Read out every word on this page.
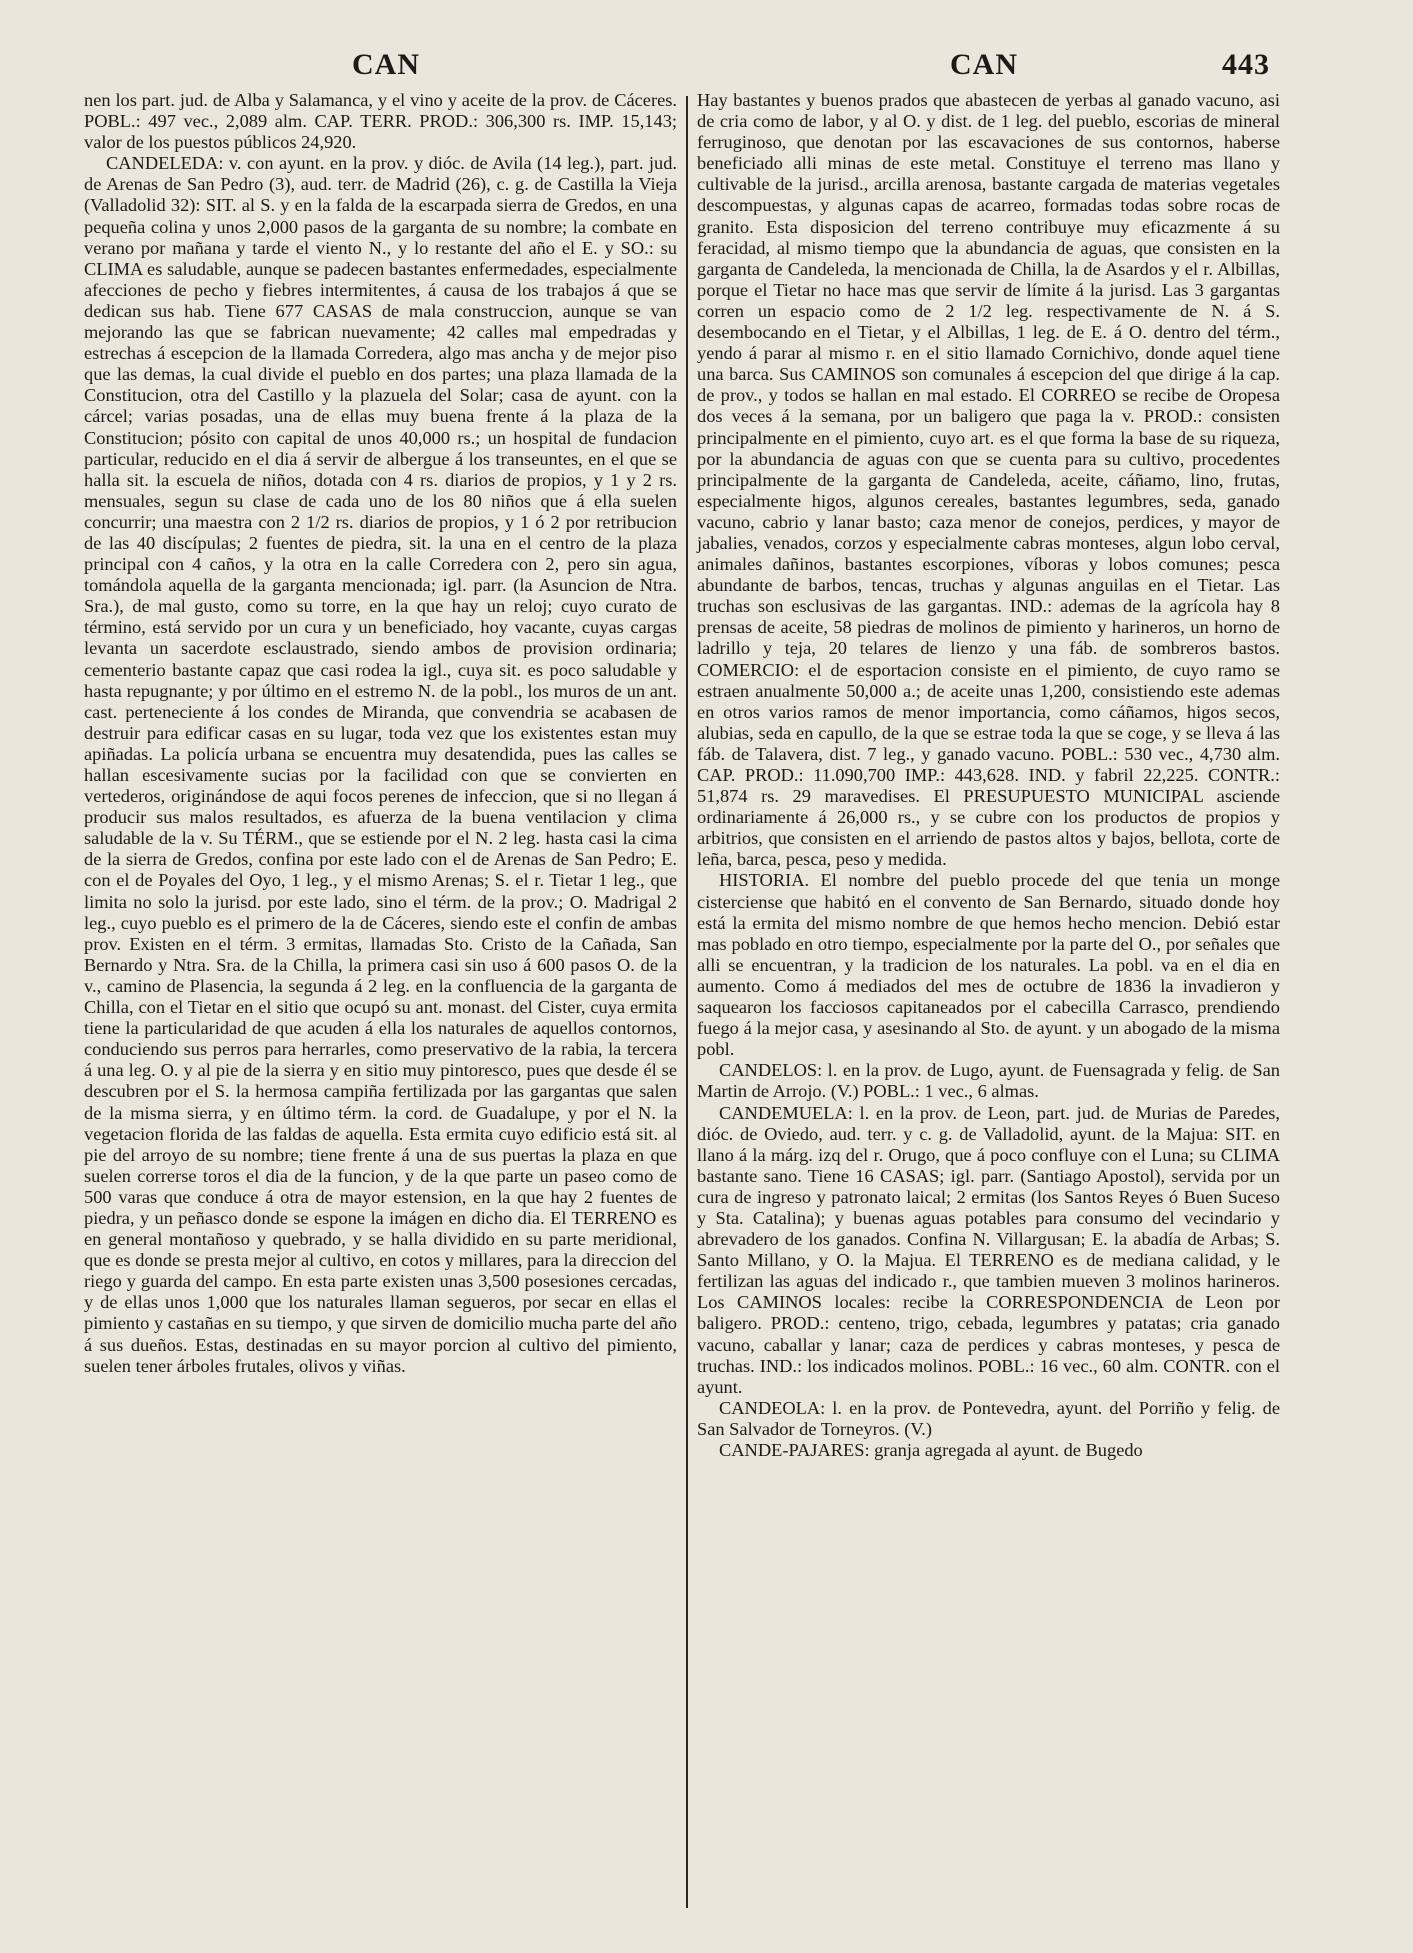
CAN	CAN	443

nen los part. jud. de Alba y Salamanca, y el vino y aceite de la prov. de Cáceres. POBL.: 497 vec., 2,089 alm. CAP. TERR. PROD.: 306,300 rs. IMP. 15,143; valor de los puestos públicos 24,920.

CANDELEDA: v. con ayunt. en la prov. y dióc. de Avila (14 leg.), part. jud. de Arenas de San Pedro (3), aud. terr. de Madrid (26), c. g. de Castilla la Vieja (Valladolid 32): SIT. al S. y en la falda de la escarpada sierra de Gredos, en una pequeña colina y unos 2,000 pasos de la garganta de su nombre; la combate en verano por mañana y tarde el viento N., y lo restante del año el E. y SO.: su CLIMA es saludable, aunque se padecen bastantes enfermedades, especialmente afecciones de pecho y fiebres intermitentes, á causa de los trabajos á que se dedican sus hab. Tiene 677 CASAS de mala construccion, aunque se van mejorando las que se fabrican nuevamente; 42 calles mal empedradas y estrechas á escepcion de la llamada Corredera, algo mas ancha y de mejor piso que las demas, la cual divide el pueblo en dos partes; una plaza llamada de la Constitucion, otra del Castillo y la plazuela del Solar; casa de ayunt. con la cárcel; varias posadas, una de ellas muy buena frente á la plaza de la Constitucion; pósito con capital de unos 40,000 rs.; un hospital de fundacion particular, reducido en el dia á servir de albergue á los transeuntes, en el que se halla sit. la escuela de niños, dotada con 4 rs. diarios de propios, y 1 y 2 rs. mensuales, segun su clase de cada uno de los 80 niños que á ella suelen concurrir; una maestra con 2 1/2 rs. diarios de propios, y 1 ó 2 por retribucion de las 40 discípulas; 2 fuentes de piedra, sit. la una en el centro de la plaza principal con 4 caños, y la otra en la calle Corredera con 2, pero sin agua, tomándola aquella de la garganta mencionada; igl. parr. (la Asuncion de Ntra. Sra.), de mal gusto, como su torre, en la que hay un reloj; cuyo curato de término, está servido por un cura y un beneficiado, hoy vacante, cuyas cargas levanta un sacerdote esclaustrado, siendo ambos de provision ordinaria; cementerio bastante capaz que casi rodea la igl., cuya sit. es poco saludable y hasta repugnante; y por último en el estremo N. de la pobl., los muros de un ant. cast. perteneciente á los condes de Miranda, que convendria se acabasen de destruir para edificar casas en su lugar, toda vez que los existentes estan muy apiñadas. La policía urbana se encuentra muy desatendida, pues las calles se hallan escesivamente sucias por la facilidad con que se convierten en vertederos, originándose de aqui focos perenes de infeccion, que si no llegan á producir sus malos resultados, es afuerza de la buena ventilacion y clima saludable de la v. Su TÉRM., que se estiende por el N. 2 leg. hasta casi la cima de la sierra de Gredos, confina por este lado con el de Arenas de San Pedro; E. con el de Poyales del Oyo, 1 leg., y el mismo Arenas; S. el r. Tietar 1 leg., que limita no solo la jurisd. por este lado, sino el térm. de la prov.; O. Madrigal 2 leg., cuyo pueblo es el primero de la de Cáceres, siendo este el confin de ambas prov. Existen en el térm. 3 ermitas, llamadas Sto. Cristo de la Cañada, San Bernardo y Ntra. Sra. de la Chilla, la primera casi sin uso á 600 pasos O. de la v., camino de Plasencia, la segunda á 2 leg. en la confluencia de la garganta de Chilla, con el Tietar en el sitio que ocupó su ant. monast. del Cister, cuya ermita tiene la particularidad de que acuden á ella los naturales de aquellos contornos, conduciendo sus perros para herrarles, como preservativo de la rabia, la tercera á una leg. O. y al pie de la sierra y en sitio muy pintoresco, pues que desde él se descubren por el S. la hermosa campiña fertilizada por las gargantas que salen de la misma sierra, y en último térm. la cord. de Guadalupe, y por el N. la vegetacion florida de las faldas de aquella. Esta ermita cuyo edificio está sit. al pie del arroyo de su nombre; tiene frente á una de sus puertas la plaza en que suelen correrse toros el dia de la funcion, y de la que parte un paseo como de 500 varas que conduce á otra de mayor estension, en la que hay 2 fuentes de piedra, y un peñasco donde se espone la imágen en dicho dia. El TERRENO es en general montañoso y quebrado, y se halla dividido en su parte meridional, que es donde se presta mejor al cultivo, en cotos y millares, para la direccion del riego y guarda del campo. En esta parte existen unas 3,500 posesiones cercadas, y de ellas unos 1,000 que los naturales llaman segueros, por secar en ellas el pimiento y castañas en su tiempo, y que sirven de domicilio mucha parte del año á sus dueños. Estas, destinadas en su mayor porcion al cultivo del pimiento, suelen tener árboles frutales, olivos y viñas.

Hay bastantes y buenos prados que abastecen de yerbas al ganado vacuno, asi de cria como de labor, y al O. y dist. de 1 leg. del pueblo, escorias de mineral ferruginoso, que denotan por las escavaciones de sus contornos, haberse beneficiado alli minas de este metal. Constituye el terreno mas llano y cultivable de la jurisd., arcilla arenosa, bastante cargada de materias vegetales descompuestas, y algunas capas de acarreo, formadas todas sobre rocas de granito. Esta disposicion del terreno contribuye muy eficazmente á su feracidad, al mismo tiempo que la abundancia de aguas, que consisten en la garganta de Candeleda, la mencionada de Chilla, la de Asardos y el r. Albillas, porque el Tietar no hace mas que servir de límite á la jurisd. Las 3 gargantas corren un espacio como de 2 1/2 leg. respectivamente de N. á S. desembocando en el Tietar, y el Albillas, 1 leg. de E. á O. dentro del térm., yendo á parar al mismo r. en el sitio llamado Cornichivo, donde aquel tiene una barca. Sus CAMINOS son comunales á escepcion del que dirige á la cap. de prov., y todos se hallan en mal estado. El CORREO se recibe de Oropesa dos veces á la semana, por un baligero que paga la v. PROD.: consisten principalmente en el pimiento, cuyo art. es el que forma la base de su riqueza, por la abundancia de aguas con que se cuenta para su cultivo, procedentes principalmente de la garganta de Candeleda, aceite, cáñamo, lino, frutas, especialmente higos, algunos cereales, bastantes legumbres, seda, ganado vacuno, cabrio y lanar basto; caza menor de conejos, perdices, y mayor de jabalies, venados, corzos y especialmente cabras monteses, algun lobo cerval, animales dañinos, bastantes escorpiones, víboras y lobos comunes; pesca abundante de barbos, tencas, truchas y algunas anguilas en el Tietar. Las truchas son esclusivas de las gargantas. IND.: ademas de la agrícola hay 8 prensas de aceite, 58 piedras de molinos de pimiento y harineros, un horno de ladrillo y teja, 20 telares de lienzo y una fáb. de sombreros bastos. COMERCIO: el de esportacion consiste en el pimiento, de cuyo ramo se estraen anualmente 50,000 a.; de aceite unas 1,200, consistiendo este ademas en otros varios ramos de menor importancia, como cáñamos, higos secos, alubias, seda en capullo, de la que se estrae toda la que se coge, y se lleva á las fáb. de Talavera, dist. 7 leg., y ganado vacuno. POBL.: 530 vec., 4,730 alm. CAP. PROD.: 11.090,700 IMP.: 443,628. IND. y fabril 22,225. CONTR.: 51,874 rs. 29 maravedises. El PRESUPUESTO MUNICIPAL asciende ordinariamente á 26,000 rs., y se cubre con los productos de propios y arbitrios, que consisten en el arriendo de pastos altos y bajos, bellota, corte de leña, barca, pesca, peso y medida.

HISTORIA. El nombre del pueblo procede del que tenia un monge cisterciense que habitó en el convento de San Bernardo, situado donde hoy está la ermita del mismo nombre de que hemos hecho mencion. Debió estar mas poblado en otro tiempo, especialmente por la parte del O., por señales que alli se encuentran, y la tradicion de los naturales. La pobl. va en el dia en aumento. Como á mediados del mes de octubre de 1836 la invadieron y saquearon los facciosos capitaneados por el cabecilla Carrasco, prendiendo fuego á la mejor casa, y asesinando al Sto. de ayunt. y un abogado de la misma pobl.

CANDELOS: l. en la prov. de Lugo, ayunt. de Fuensagrada y felig. de San Martin de Arrojo. (V.) POBL.: 1 vec., 6 almas.

CANDEMUELA: l. en la prov. de Leon, part. jud. de Murias de Paredes, dióc. de Oviedo, aud. terr. y c. g. de Valladolid, ayunt. de la Majua: SIT. en llano á la márg. izq del r. Orugo, que á poco confluye con el Luna; su CLIMA bastante sano. Tiene 16 CASAS; igl. parr. (Santiago Apostol), servida por un cura de ingreso y patronato laical; 2 ermitas (los Santos Reyes ó Buen Suceso y Sta. Catalina); y buenas aguas potables para consumo del vecindario y abrevadero de los ganados. Confina N. Villargusan; E. la abadía de Arbas; S. Santo Millano, y O. la Majua. El TERRENO es de mediana calidad, y le fertilizan las aguas del indicado r., que tambien mueven 3 molinos harineros. Los CAMINOS locales: recibe la CORRESPONDENCIA de Leon por baligero. PROD.: centeno, trigo, cebada, legumbres y patatas; cria ganado vacuno, caballar y lanar; caza de perdices y cabras monteses, y pesca de truchas. IND.: los indicados molinos. POBL.: 16 vec., 60 alm. CONTR. con el ayunt.

CANDEOLA: l. en la prov. de Pontevedra, ayunt. del Porriño y felig. de San Salvador de Torneyros. (V.)

CANDE-PAJARES: granja agregada al ayunt. de Bugedo
